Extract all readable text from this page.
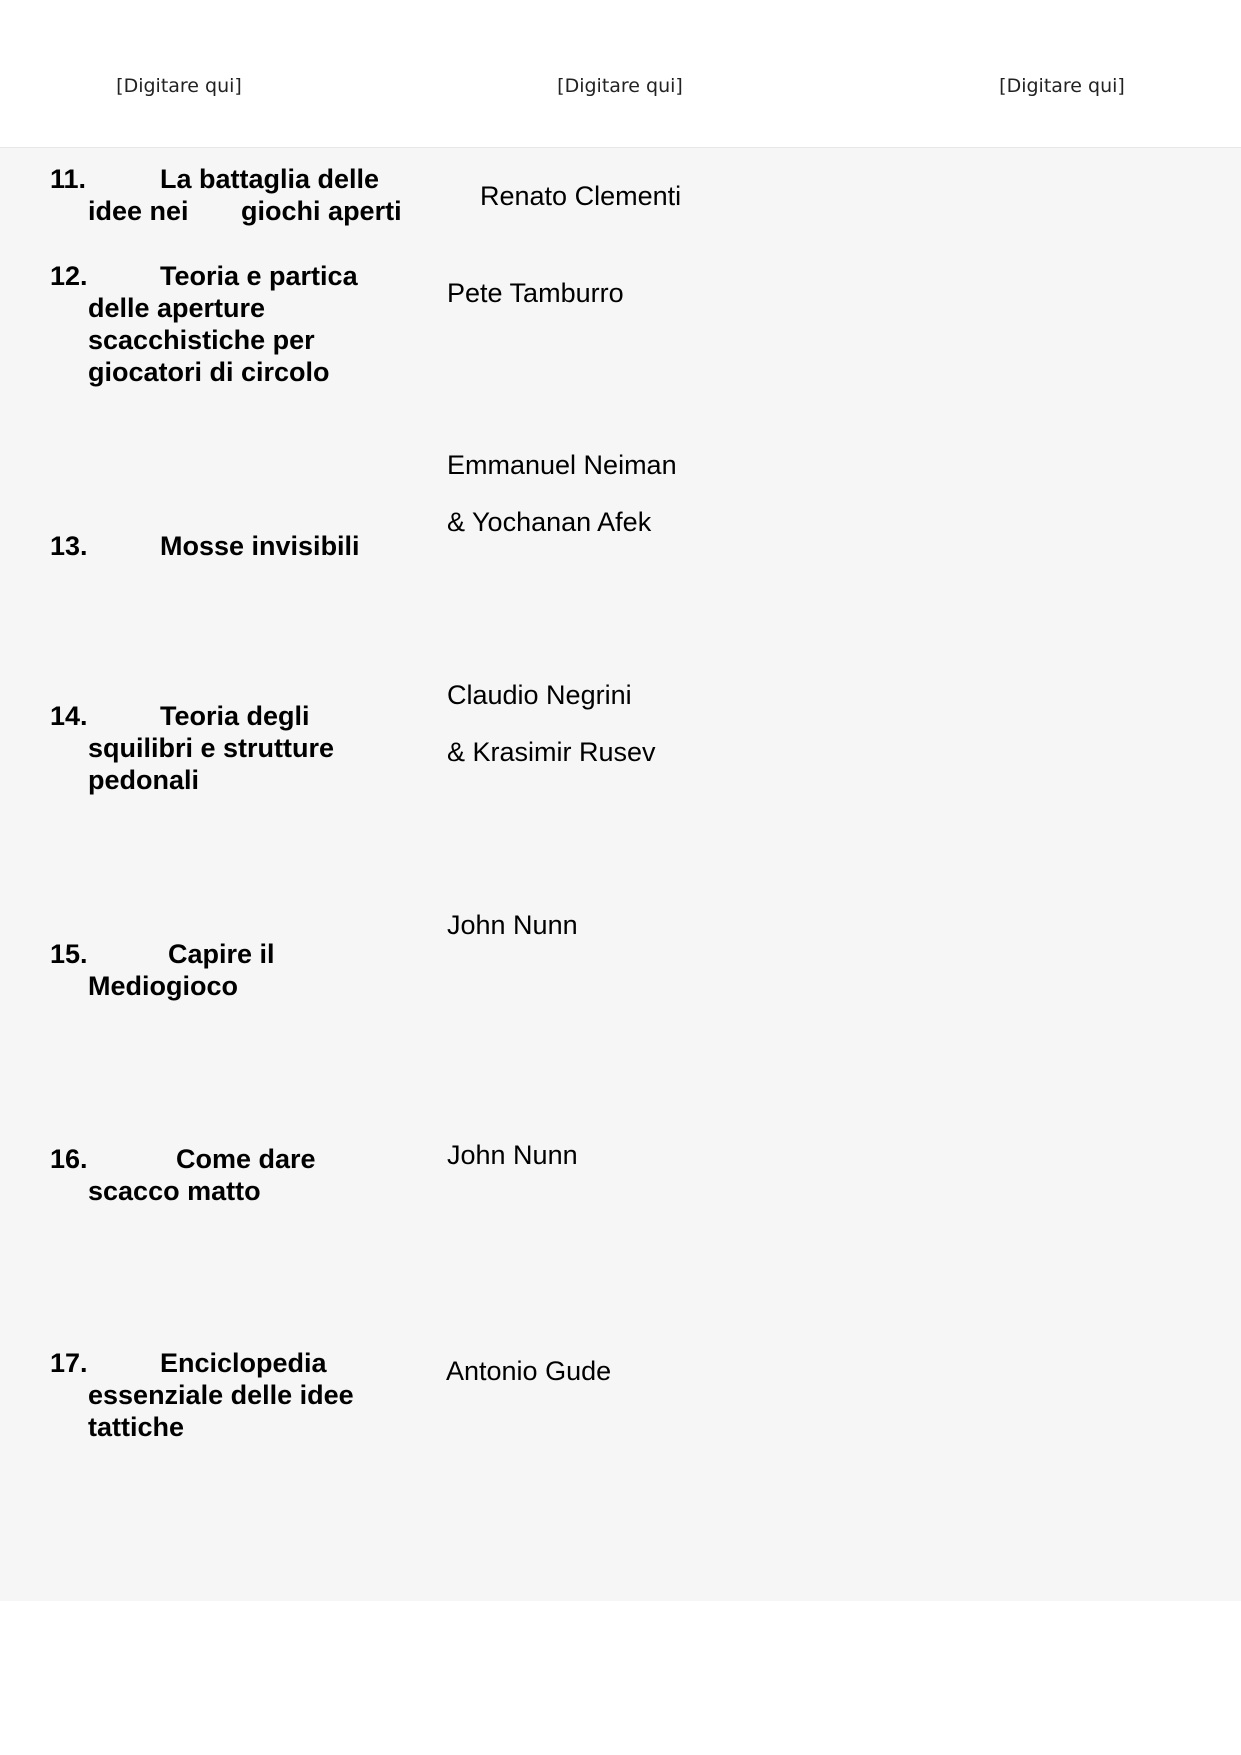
[Digitare qui]	[Digitare qui]	[Digitare qui]
11.	La battaglia delle
idee nei       giochi aperti	Renato Clementi
12.	Teoria e partica
delle aperture scacchistiche per giocatori di circolo
Pete Tamburro
13.	Mosse invisibili
Emmanuel Neiman
& Yochanan Afek
14.	Teoria degli
squilibri e strutture pedonali
Claudio Negrini
& Krasimir Rusev
15.	Capire il
Mediogioco
John Nunn
16.	Come dare
scacco matto
John Nunn
17.	Enciclopedia
essenziale delle idee tattiche
Antonio Gude
